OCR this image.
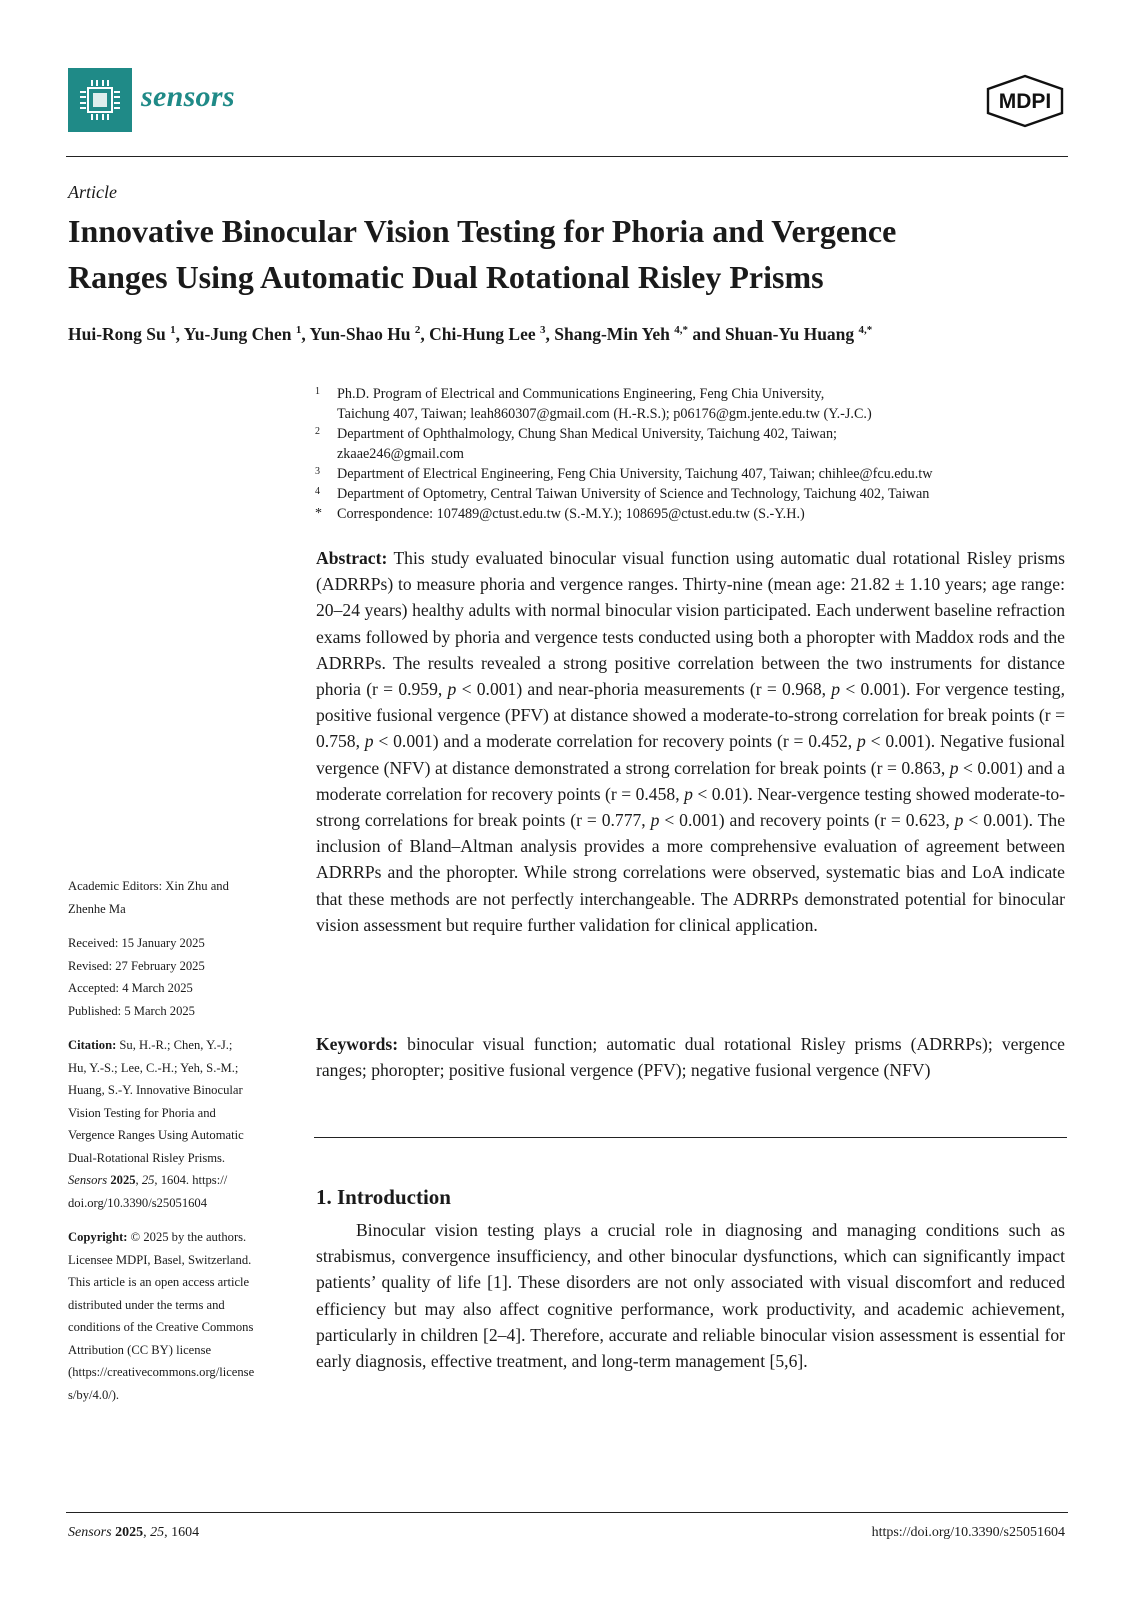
sensors	MDPI
Article
Innovative Binocular Vision Testing for Phoria and Vergence
Ranges Using Automatic Dual Rotational Risley Prisms
Hui-Rong Su $^1$, Yu-Jung Chen $^1$, Yun-Shao Hu $^2$, Chi-Hung Lee $^3$, Shang-Min Yeh $^{4,*}$ and Shuan-Yu Huang $^{4,*}$
1 Ph.D. Program of Electrical and Communications Engineering, Feng Chia University,
Taichung 407, Taiwan; leah860307@gmail.com (H.-R.S.); p06176@gm.jente.edu.tw (Y.-J.C.)
2 Department of Ophthalmology, Chung Shan Medical University, Taichung 402, Taiwan;
zkaae246@gmail.com
3 Department of Electrical Engineering, Feng Chia University, Taichung 407, Taiwan; chihlee@fcu.edu.tw
4 Department of Optometry, Central Taiwan University of Science and Technology, Taichung 402, Taiwan
* Correspondence: 107489@ctust.edu.tw (S.-M.Y.); 108695@ctust.edu.tw (S.-Y.H.)
Abstract: This study evaluated binocular visual function using automatic dual rotational Risley prisms (ADRRPs) to measure phoria and vergence ranges. Thirty-nine (mean age: 21.82 ± 1.10 years; age range: 20–24 years) healthy adults with normal binocular vision participated. Each underwent baseline refraction exams followed by phoria and vergence tests conducted using both a phoropter with Maddox rods and the ADRRPs. The results revealed a strong positive correlation between the two instruments for distance phoria (r = 0.959, p < 0.001) and near-phoria measurements (r = 0.968, p < 0.001). For vergence testing, positive fusional vergence (PFV) at distance showed a moderate-to-strong correlation for break points (r = 0.758, p < 0.001) and a moderate correlation for recovery points (r = 0.452, p < 0.001). Negative fusional vergence (NFV) at distance demonstrated a strong correlation for break points (r = 0.863, p < 0.001) and a moderate correlation for recovery points (r = 0.458, p < 0.01). Near-vergence testing showed moderate-to-strong correlations for break points (r = 0.777, p < 0.001) and recovery points (r = 0.623, p < 0.001). The inclusion of Bland–Altman analysis provides a more comprehensive evaluation of agreement between ADRRPs and the phoropter. While strong correlations were observed, systematic bias and LoA indicate that these methods are not perfectly interchangeable. The ADRRPs demonstrated potential for binocular vision assessment but require further validation for clinical application.
Keywords: binocular visual function; automatic dual rotational Risley prisms (ADRRPs); vergence ranges; phoropter; positive fusional vergence (PFV); negative fusional vergence (NFV)
1. Introduction
Binocular vision testing plays a crucial role in diagnosing and managing conditions such as strabismus, convergence insufficiency, and other binocular dysfunctions, which can significantly impact patients’ quality of life [1]. These disorders are not only associated with visual discomfort and reduced efficiency but may also affect cognitive performance, work productivity, and academic achievement, particularly in children [2–4]. Therefore, accurate and reliable binocular vision assessment is essential for early diagnosis, effective treatment, and long-term management [5,6].
Academic Editors: Xin Zhu and
Zhenhe Ma
Received: 15 January 2025
Revised: 27 February 2025
Accepted: 4 March 2025
Published: 5 March 2025
Citation: Su, H.-R.; Chen, Y.-J.;
Hu, Y.-S.; Lee, C.-H.; Yeh, S.-M.;
Huang, S.-Y. Innovative Binocular
Vision Testing for Phoria and
Vergence Ranges Using Automatic
Dual-Rotational Risley Prisms.
Sensors 2025, 25, 1604. https://
doi.org/10.3390/s25051604
Copyright: © 2025 by the authors.
Licensee MDPI, Basel, Switzerland.
This article is an open access article
distributed under the terms and
conditions of the Creative Commons
Attribution (CC BY) license
(https://creativecommons.org/license
s/by/4.0/).
Sensors 2025, 25, 1604	https://doi.org/10.3390/s25051604
